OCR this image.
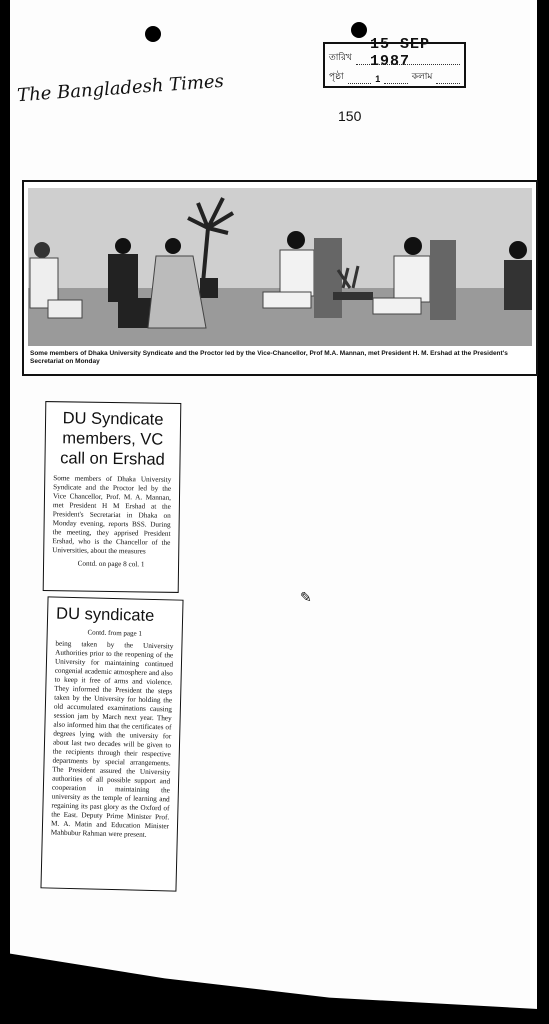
The Bangladesh Times
15 SEP 1987
তারিখ
পৃষ্ঠা	1	কলাম
150
Some members of Dhaka University Syndicate and the Proctor led by the Vice-Chancellor, Prof M.A. Mannan, met President H. M. Ershad at the President's Secretariat on Monday
DU Syndicate members, VC call on Ershad
Some members of Dhaka University Syndicate and the Proctor led by the Vice Chancellor, Prof. M. A. Mannan, met President H M Ershad at the President's Secretariat in Dhaka on Monday evening, reports BSS. During the meeting, they apprised President Ershad, who is the Chancellor of the Universities, about the measures
Contd. on page 8 col. 1
DU syndicate
Contd. from page 1
being taken by the University Authorities prior to the reopening of the University for maintaining continued congenial academic atmosphere and also to keep it free of arms and violence. They informed the President the steps taken by the University for holding the old accumulated examinations causing session jam by March next year. They also informed him that the certificates of degrees lying with the university for about last two decades will be given to the recipients through their respective departments by special arrangements. The President assured the University authorities of all possible support and cooperation in maintaining the university as the temple of learning and regaining its past glory as the Oxford of the East. Deputy Prime Minister Prof. M. A. Matin and Education Minister Mahbubur Rahman were present.
✎
